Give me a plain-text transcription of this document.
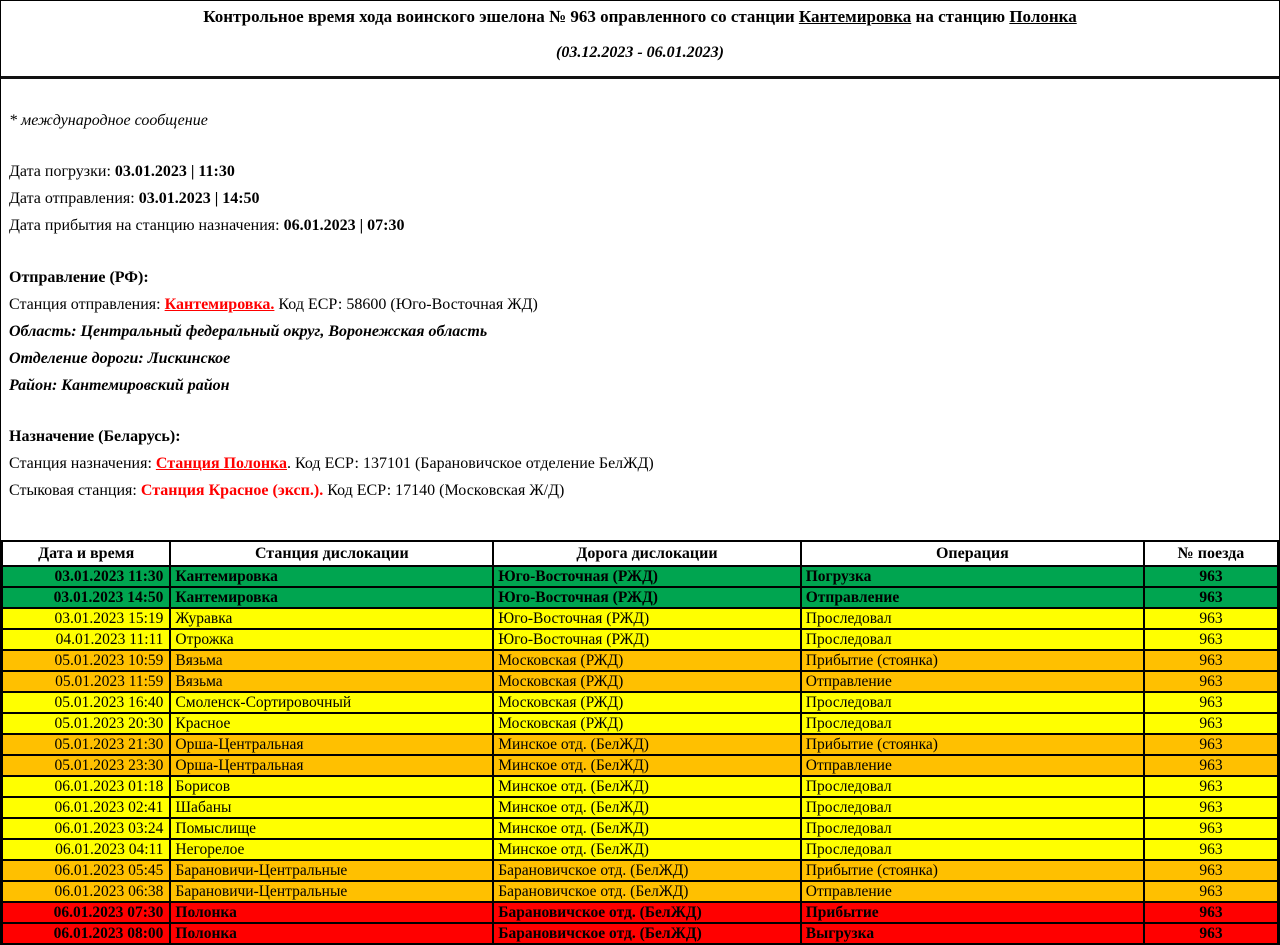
Контрольное время хода воинского эшелона № 963 оправленного со станции Кантемировка на станцию Полонка
(03.12.2023 - 06.01.2023)

* международное сообщение

Дата погрузки: 03.01.2023 | 11:30

Дата отправления: 03.01.2023 | 14:50

Дата прибытия на станцию назначения: 06.01.2023 | 07:30

Отправление (РФ):

Станция отправления: Кантемировка. Код ЕСР: 58600 (Юго-Восточная ЖД)

Область: Центральный федеральный округ, Воронежская область

Отделение дороги: Лискинское

Район: Кантемировский район

Назначение (Беларусь):

Станция назначения: Станция Полонка. Код ЕСР: 137101 (Барановичское отделение БелЖД)

Стыковая станция: Станция Красное (эксп.). Код ЕСР: 17140 (Московская Ж/Д)

Дата и время	Станция дислокации	Дорога дислокации	Операция	№ поезда
03.01.2023 11:30	Кантемировка	Юго-Восточная (РЖД)	Погрузка	963
03.01.2023 14:50	Кантемировка	Юго-Восточная (РЖД)	Отправление	963
03.01.2023 15:19	Журавка	Юго-Восточная (РЖД)	Проследовал	963
04.01.2023 11:11	Отрожка	Юго-Восточная (РЖД)	Проследовал	963
05.01.2023 10:59	Вязьма	Московская (РЖД)	Прибытие (стоянка)	963
05.01.2023 11:59	Вязьма	Московская (РЖД)	Отправление	963
05.01.2023 16:40	Смоленск-Сортировочный	Московская (РЖД)	Проследовал	963
05.01.2023 20:30	Красное	Московская (РЖД)	Проследовал	963
05.01.2023 21:30	Орша-Центральная	Минское отд. (БелЖД)	Прибытие (стоянка)	963
05.01.2023 23:30	Орша-Центральная	Минское отд. (БелЖД)	Отправление	963
06.01.2023 01:18	Борисов	Минское отд. (БелЖД)	Проследовал	963
06.01.2023 02:41	Шабаны	Минское отд. (БелЖД)	Проследовал	963
06.01.2023 03:24	Помыслище	Минское отд. (БелЖД)	Проследовал	963
06.01.2023 04:11	Негорелое	Минское отд. (БелЖД)	Проследовал	963
06.01.2023 05:45	Барановичи-Центральные	Барановичское отд. (БелЖД)	Прибытие (стоянка)	963
06.01.2023 06:38	Барановичи-Центральные	Барановичское отд. (БелЖД)	Отправление	963
06.01.2023 07:30	Полонка	Барановичское отд. (БелЖД)	Прибытие	963
06.01.2023 08:00	Полонка	Барановичское отд. (БелЖД)	Выгрузка	963
